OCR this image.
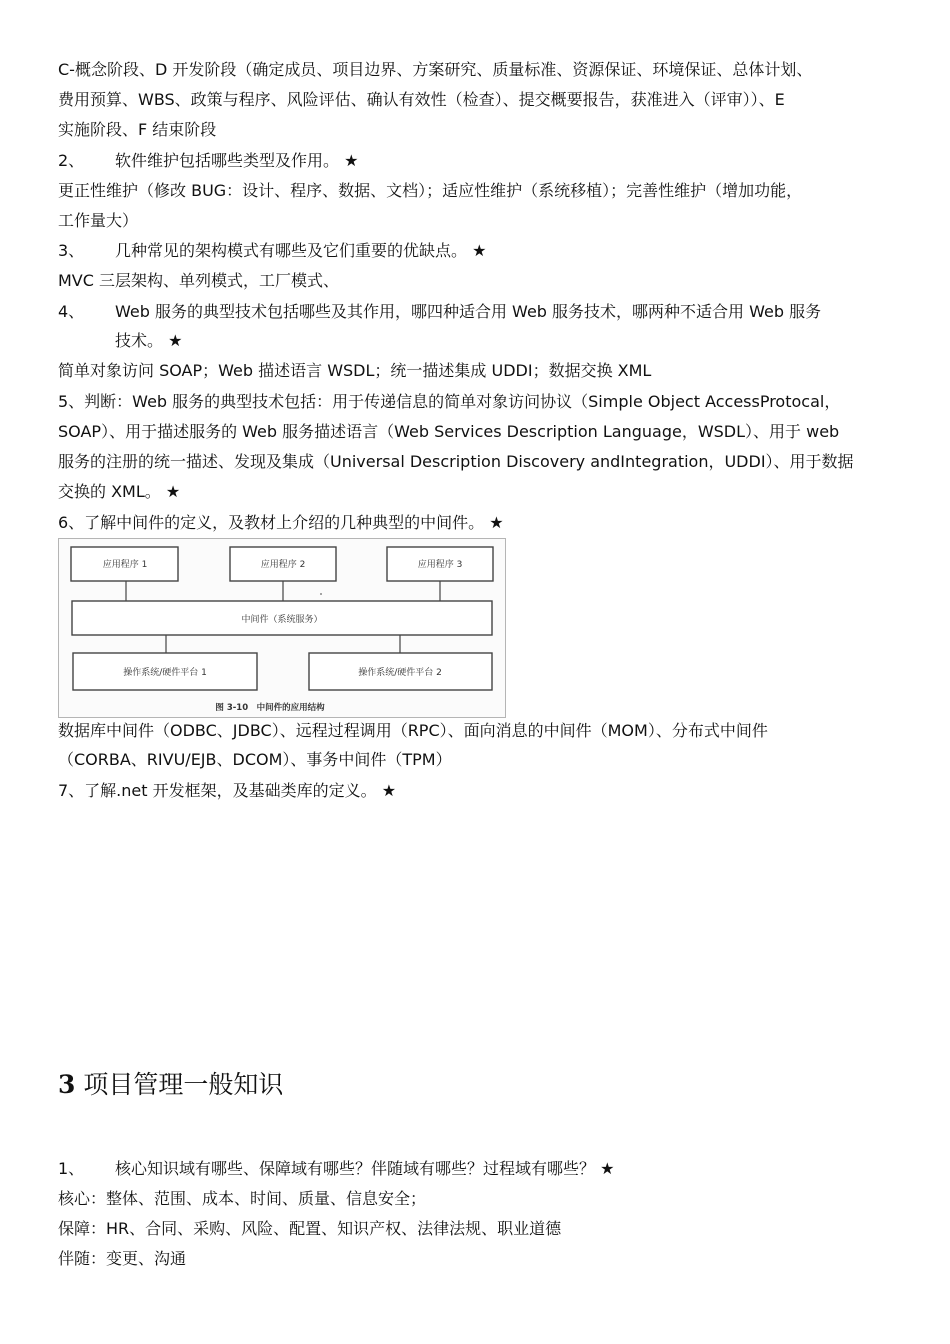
C-概念阶段、D 开发阶段（确定成员、项目边界、方案研究、质量标准、资源保证、环境保证、总体计划、
费用预算、WBS、政策与程序、风险评估、确认有效性（检查）、提交概要报告，获准进入（评审））、E
实施阶段、F 结束阶段
2、 软件维护包括哪些类型及作用。 ★
更正性维护（修改 BUG：设计、程序、数据、文档）；适应性维护（系统移植）；完善性维护（增加功能，
工作量大）
3、 几种常见的架构模式有哪些及它们重要的优缺点。 ★
MVC 三层架构、单列模式，工厂模式、
4、 Web 服务的典型技术包括哪些及其作用，哪四种适合用 Web 服务技术，哪两种不适合用 Web 服务
技术。 ★
简单对象访问 SOAP；Web 描述语言 WSDL；统一描述集成 UDDI；数据交换 XML
5、判断：Web 服务的典型技术包括：用于传递信息的简单对象访问协议（Simple Object AccessProtocal，
SOAP）、用于描述服务的 Web 服务描述语言（Web Services Description Language，WSDL）、用于 web
服务的注册的统一描述、发现及集成（Universal Description Discovery andIntegration，UDDI）、用于数据
交换的 XML。 ★
6、了解中间件的定义，及教材上介绍的几种典型的中间件。 ★
应用程序 1	应用程序 2	应用程序 3
中间件（系统服务）
操作系统/硬件平台 1	操作系统/硬件平台 2
图 3-10　中间件的应用结构
数据库中间件（ODBC、JDBC）、远程过程调用（RPC）、面向消息的中间件（MOM）、分布式中间件
（CORBA、RIVU/EJB、DCOM）、事务中间件（TPM）
7、了解.net 开发框架，及基础类库的定义。 ★
3 项目管理一般知识
1、 核心知识域有哪些、保障域有哪些？伴随域有哪些？过程域有哪些？ ★
核心：整体、范围、成本、时间、质量、信息安全；
保障：HR、合同、采购、风险、配置、知识产权、法律法规、职业道德
伴随：变更、沟通
